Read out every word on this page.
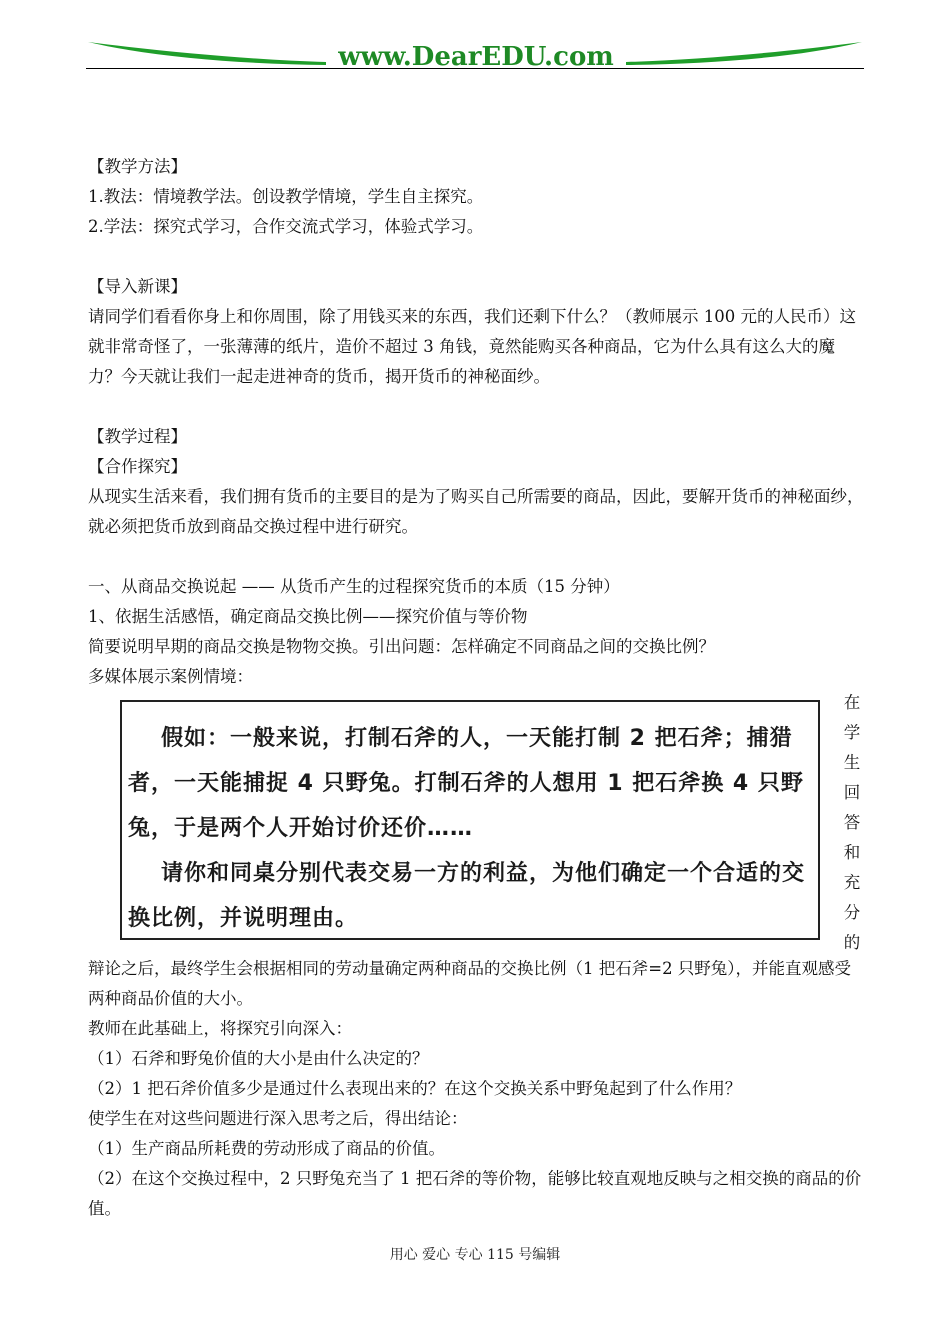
www.DearEDU.com

【教学方法】

1.教法：情境教学法。创设教学情境，学生自主探究。

2.学法：探究式学习，合作交流式学习，体验式学习。

【导入新课】

请同学们看看你身上和你周围，除了用钱买来的东西，我们还剩下什么？（教师展示 100 元的人民币）这就非常奇怪了，一张薄薄的纸片，造价不超过 3 角钱，竟然能购买各种商品，它为什么具有这么大的魔力？今天就让我们一起走进神奇的货币，揭开货币的神秘面纱。

【教学过程】

【合作探究】

从现实生活来看，我们拥有货币的主要目的是为了购买自己所需要的商品，因此，要解开货币的神秘面纱，就必须把货币放到商品交换过程中进行研究。

一、从商品交换说起 —— 从货币产生的过程探究货币的本质（15 分钟）

1、依据生活感悟，确定商品交换比例——探究价值与等价物

简要说明早期的商品交换是物物交换。引出问题：怎样确定不同商品之间的交换比例？

多媒体展示案例情境：

假如：一般来说，打制石斧的人，一天能打制 2 把石斧；捕猎者，一天能捕捉 4 只野兔。打制石斧的人想用 1 把石斧换 4 只野兔，于是两个人开始讨价还价……

请你和同桌分别代表交易一方的利益，为他们确定一个合适的交换比例，并说明理由。

在
学
生
回
答
和
充
分
的

辩论之后，最终学生会根据相同的劳动量确定两种商品的交换比例（1 把石斧=2 只野兔），并能直观感受两种商品价值的大小。

教师在此基础上，将探究引向深入：

（1）石斧和野兔价值的大小是由什么决定的？

（2）1 把石斧价值多少是通过什么表现出来的？在这个交换关系中野兔起到了什么作用？

使学生在对这些问题进行深入思考之后，得出结论：

（1）生产商品所耗费的劳动形成了商品的价值。

（2）在这个交换过程中，2 只野兔充当了 1 把石斧的等价物，能够比较直观地反映与之相交换的商品的价值。

用心 爱心 专心 115 号编辑
